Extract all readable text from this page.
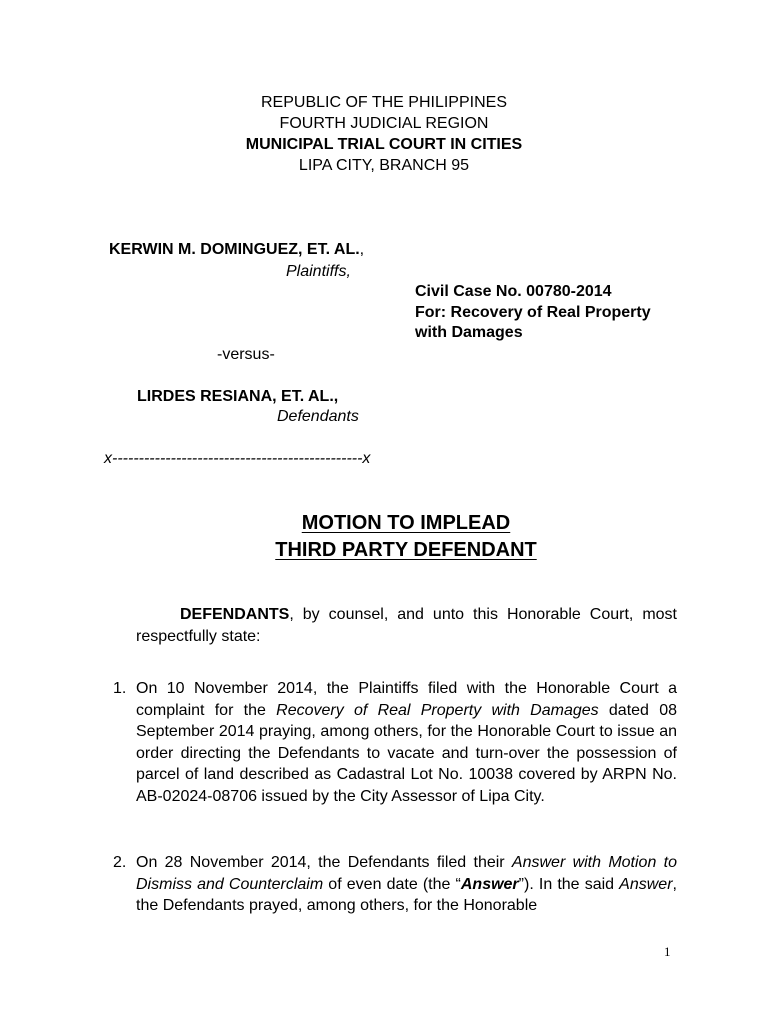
REPUBLIC OF THE PHILIPPINES
FOURTH JUDICIAL REGION
MUNICIPAL TRIAL COURT IN CITIES
LIPA CITY, BRANCH 95
KERWIN M. DOMINGUEZ, ET. AL.,
Plaintiffs,
Civil Case No. 00780-2014
For: Recovery of Real Property
with Damages
-versus-
LIRDES RESIANA, ET. AL.,
Defendants
x-----------------------------------------------x
MOTION TO IMPLEAD
THIRD PARTY DEFENDANT
DEFENDANTS, by counsel, and unto this Honorable Court, most respectfully state:
1. On 10 November 2014, the Plaintiffs filed with the Honorable Court a complaint for the Recovery of Real Property with Damages dated 08 September 2014 praying, among others, for the Honorable Court to issue an order directing the Defendants to vacate and turn-over the possession of parcel of land described as Cadastral Lot No. 10038 covered by ARPN No. AB-02024-08706 issued by the City Assessor of Lipa City.
2. On 28 November 2014, the Defendants filed their Answer with Motion to Dismiss and Counterclaim of even date (the “Answer”). In the said Answer, the Defendants prayed, among others, for the Honorable
1
